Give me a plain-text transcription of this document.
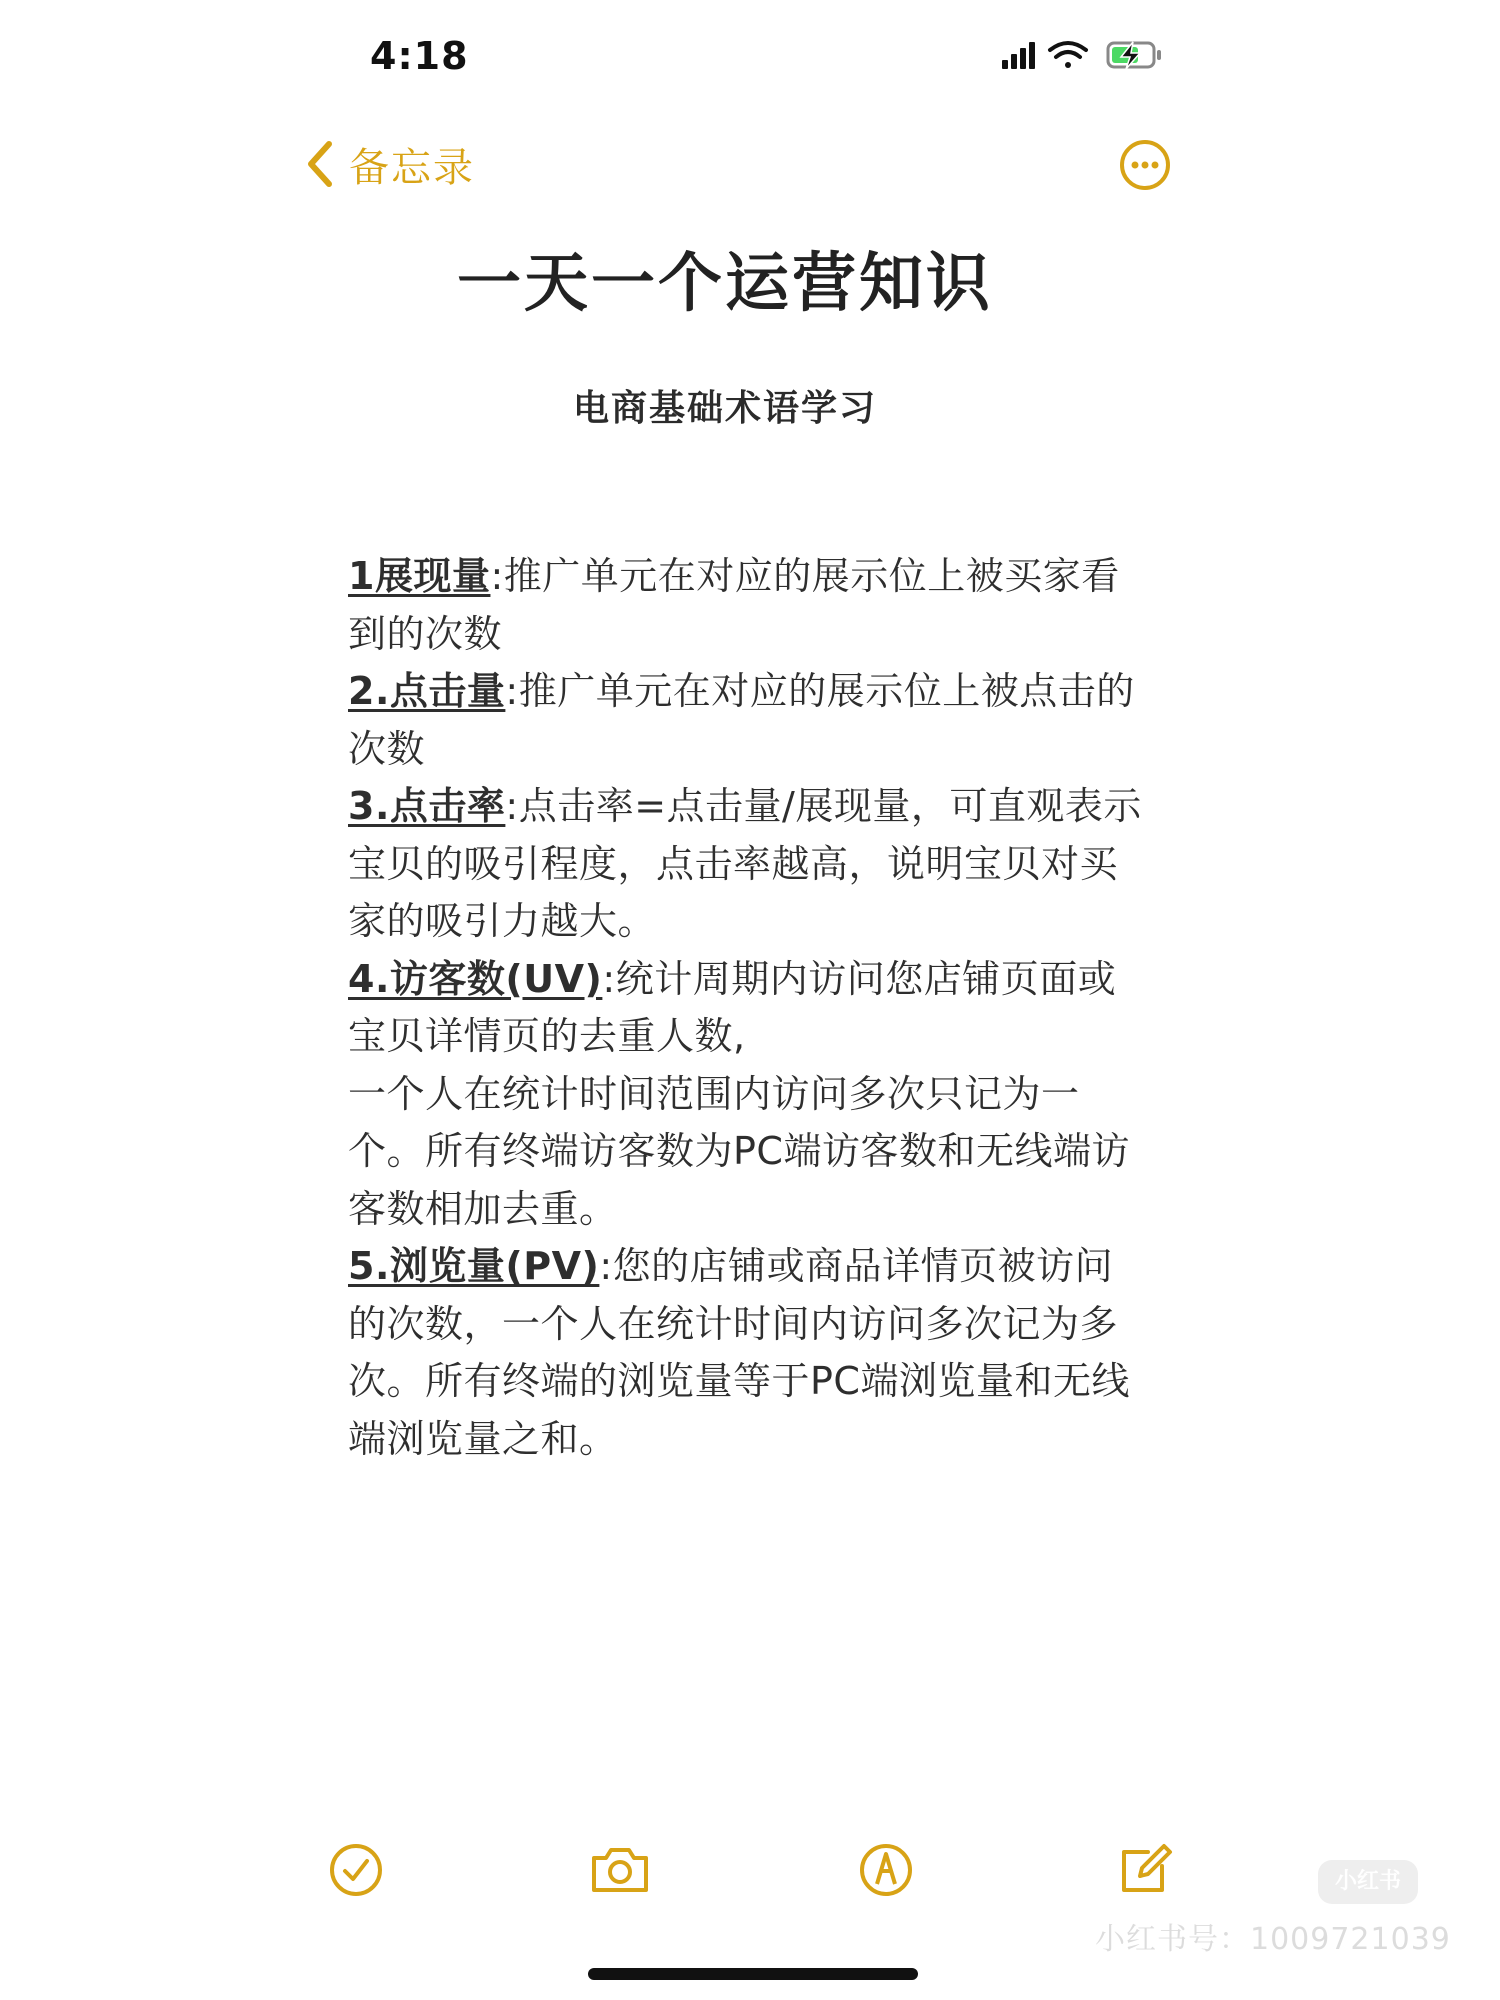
4:18
备忘录
一天一个运营知识
电商基础术语学习

1展现量:推广单元在对应的展示位上被买家看到的次数

2.点击量:推广单元在对应的展示位上被点击的次数

3.点击率:点击率=点击量/展现量，可直观表示宝贝的吸引程度，点击率越高，说明宝贝对买家的吸引力越大。

4.访客数(UV):统计周期内访问您店铺页面或宝贝详情页的去重人数,

一个人在统计时间范围内访问多次只记为一个。所有终端访客数为PC端访客数和无线端访客数相加去重。

5.浏览量(PV):您的店铺或商品详情页被访问的次数，一个人在统计时间内访问多次记为多次。所有终端的浏览量等于PC端浏览量和无线端浏览量之和。

小红书
小红书号：1009721039
